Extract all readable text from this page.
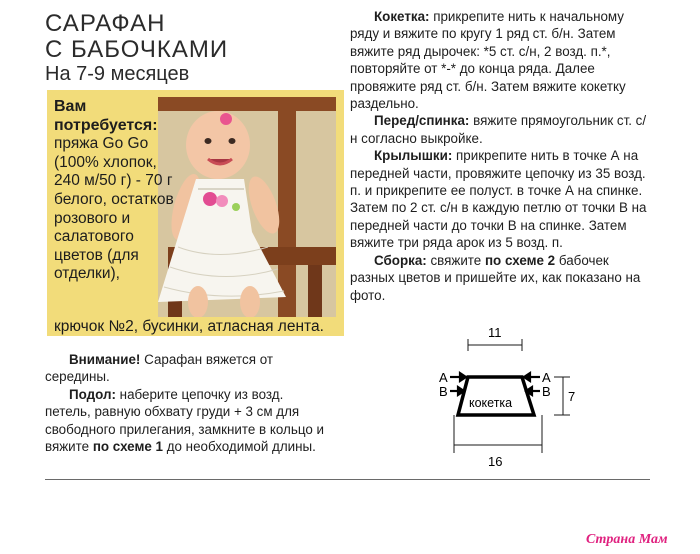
САРАФАН
С БАБОЧКАМИ
На 7-9 месяцев
Вам потребуется:
пряжа Go Go (100% хлопок, 240 м/50 г) - 70 г белого, остатков розового и салатового цветов (для отделки),
крючок №2, бусинки, атласная лента.
Внимание! Сарафан вяжется от середины.
Подол: наберите цепочку из возд. петель, равную обхвату груди + 3 см для свободного прилегания, замкните в кольцо и вяжите по схеме 1 до необходимой длины.

Кокетка: прикрепите нить к начальному ряду и вяжите по кругу 1 ряд ст. б/н. Затем вяжите ряд дырочек: *5 ст. с/н, 2 возд. п.*, повторяйте от *-* до конца ряда. Далее провяжите ряд ст. б/н. Затем вяжите кокетку раздельно.

Перед/спинка: вяжите прямоугольник ст. с/н согласно выкройке.

Крылышки: прикрепите нить в точке А на передней части, провяжите цепочку из 35 возд. п. и прикрепите ее полуст. в точке А на спинке. Затем по 2 ст. с/н в каждую петлю от точки В на передней части до точки В на спинке. Затем вяжите три ряда арок из 5 возд. п.

Сборка: свяжите по схеме 2 бабочек разных цветов и пришейте их, как показано на фото.

11
16
7
кокетка
А
В
А
В
Страна Мам
